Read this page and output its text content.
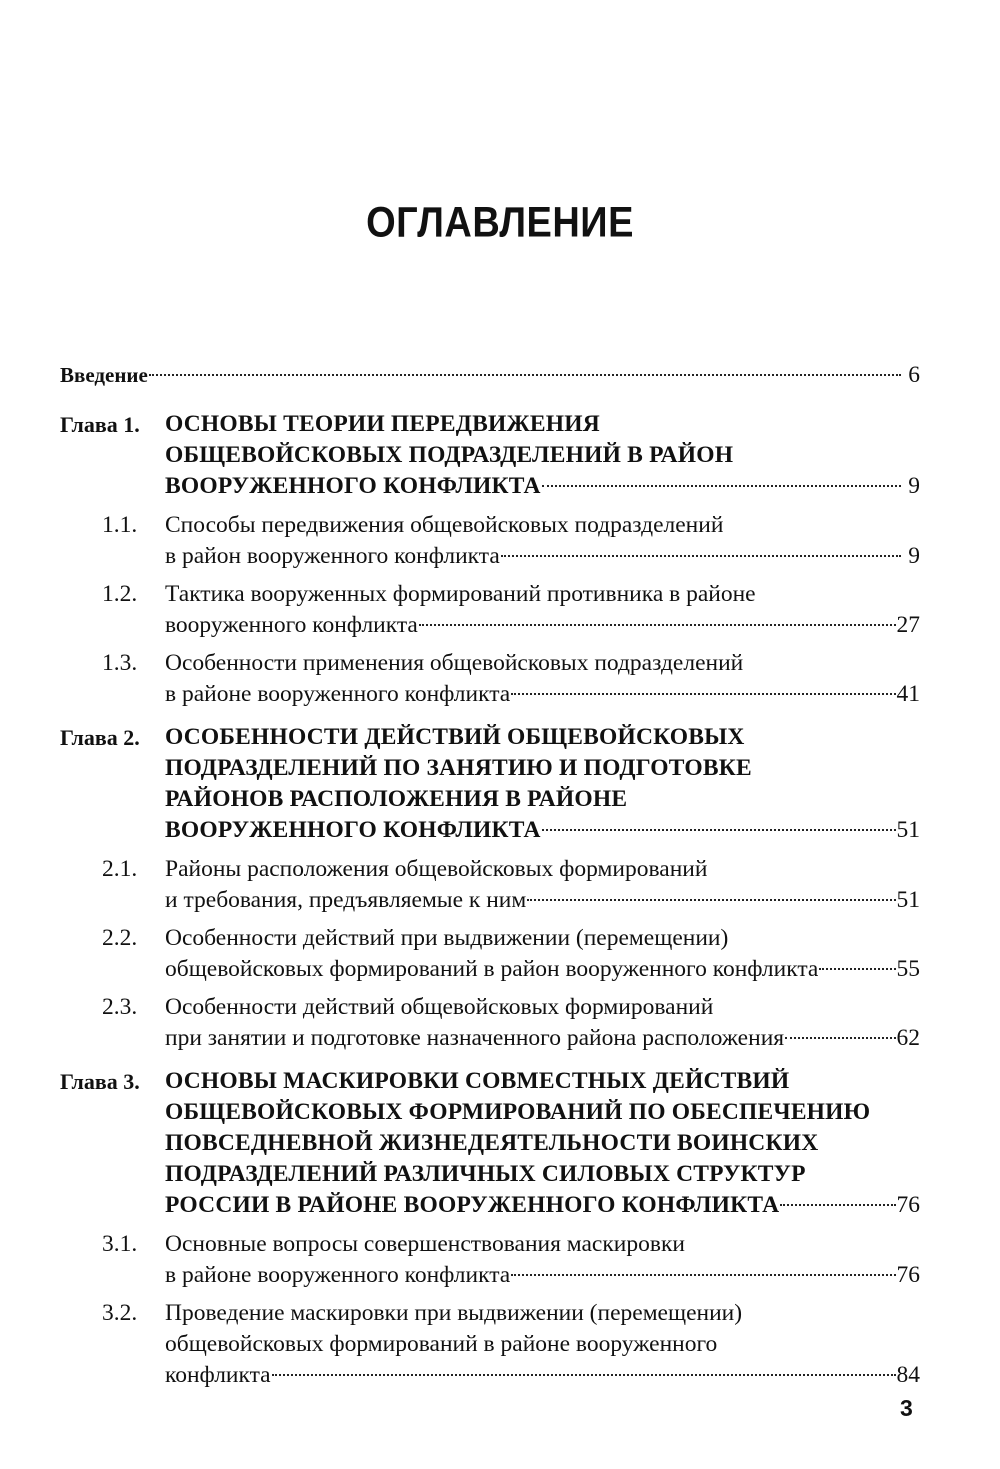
ОГЛАВЛЕНИЕ
Введение	6
Глава 1. ОСНОВЫ ТЕОРИИ ПЕРЕДВИЖЕНИЯ
ОБЩЕВОЙСКОВЫХ ПОДРАЗДЕЛЕНИЙ В РАЙОН
ВООРУЖЕННОГО КОНФЛИКТА	9
1.1. Способы передвижения общевойсковых подразделений
в район вооруженного конфликта	9
1.2. Тактика вооруженных формирований противника в районе
вооруженного конфликта	27
1.3. Особенности применения общевойсковых подразделений
в районе вооруженного конфликта	41
Глава 2. ОСОБЕННОСТИ ДЕЙСТВИЙ ОБЩЕВОЙСКОВЫХ
ПОДРАЗДЕЛЕНИЙ ПО ЗАНЯТИЮ И ПОДГОТОВКЕ
РАЙОНОВ РАСПОЛОЖЕНИЯ В РАЙОНЕ
ВООРУЖЕННОГО КОНФЛИКТА	51
2.1. Районы расположения общевойсковых формирований
и требования, предъявляемые к ним	51
2.2. Особенности действий при выдвижении (перемещении)
общевойсковых формирований в район вооруженного конфликта	55
2.3. Особенности действий общевойсковых формирований
при занятии и подготовке назначенного района расположения	62
Глава 3. ОСНОВЫ МАСКИРОВКИ СОВМЕСТНЫХ ДЕЙСТВИЙ
ОБЩЕВОЙСКОВЫХ ФОРМИРОВАНИЙ ПО ОБЕСПЕЧЕНИЮ
ПОВСЕДНЕВНОЙ ЖИЗНЕДЕЯТЕЛЬНОСТИ ВОИНСКИХ
ПОДРАЗДЕЛЕНИЙ РАЗЛИЧНЫХ СИЛОВЫХ СТРУКТУР
РОССИИ В РАЙОНЕ ВООРУЖЕННОГО КОНФЛИКТА	76
3.1. Основные вопросы совершенствования маскировки
в районе вооруженного конфликта	76
3.2. Проведение маскировки при выдвижении (перемещении)
общевойсковых формирований в районе вооруженного
конфликта	84
3
